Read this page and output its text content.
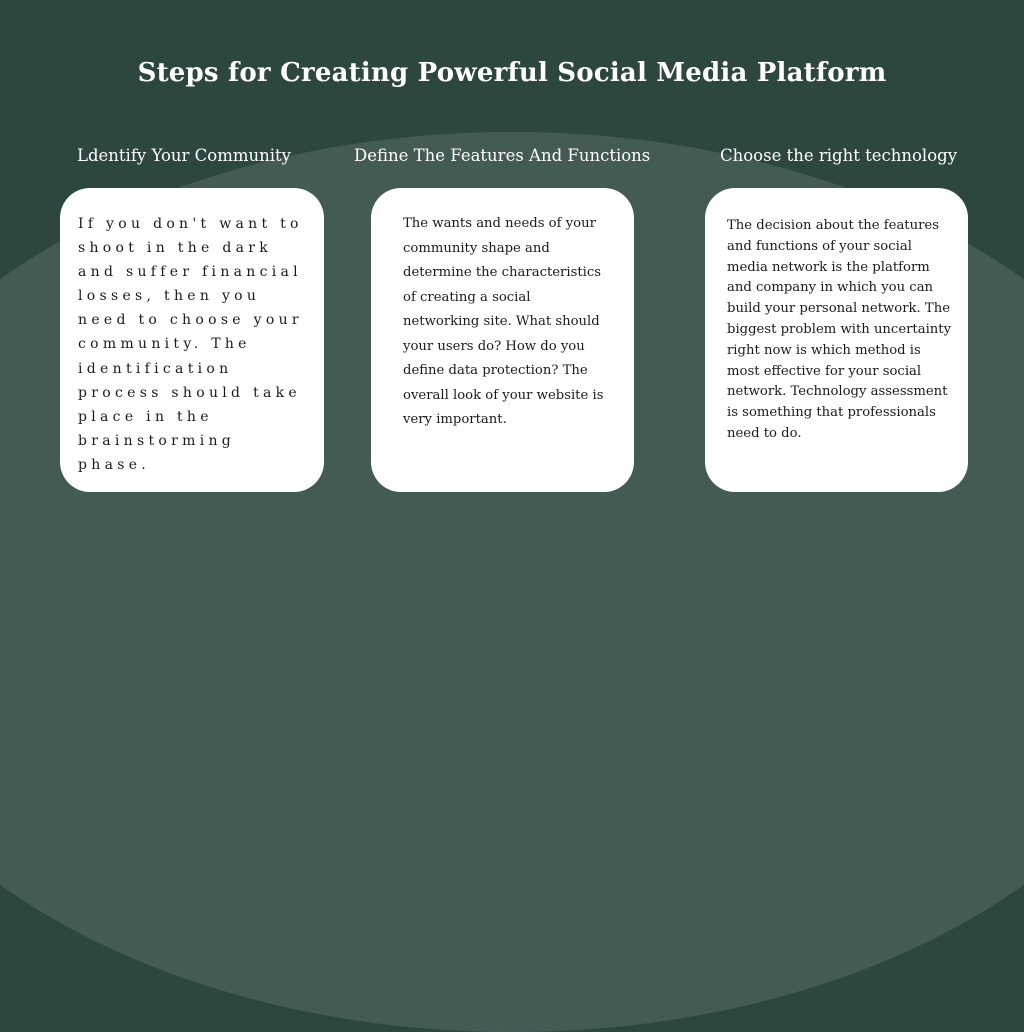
Steps for Creating Powerful Social Media Platform
Ldentify Your Community	Define The Features And Functions	Choose the right technology
If you don't want to shoot in the dark and suffer financial losses, then you need to choose your community. The identification process should take place in the brainstorming phase.
The wants and needs of your community shape and determine the characteristics of creating a social networking site. What should your users do? How do you define data protection? The overall look of your website is very important.
The decision about the features and functions of your social media network is the platform and company in which you can build your personal network. The biggest problem with uncertainty right now is which method is most effective for your social network. Technology assessment is something that professionals need to do.
